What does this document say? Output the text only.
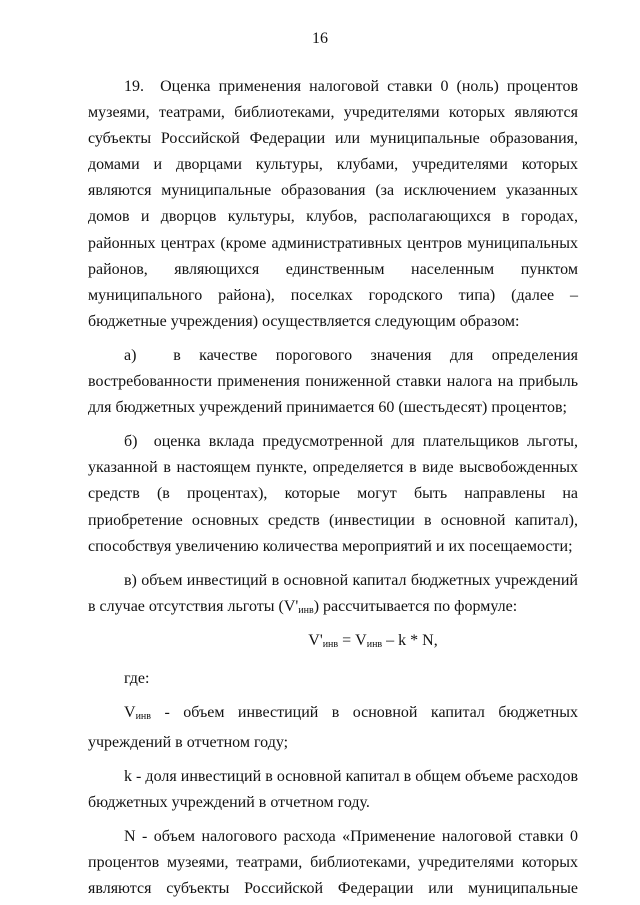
16

19.  Оценка применения налоговой ставки 0 (ноль) процентов музеями, театрами, библиотеками, учредителями которых являются субъекты Российской Федерации или муниципальные образования, домами и дворцами культуры, клубами, учредителями которых являются муниципальные образования (за исключением указанных домов и дворцов культуры, клубов, располагающихся в городах, районных центрах (кроме административных центров муниципальных районов, являющихся единственным населенным пунктом муниципального района), поселках городского типа) (далее – бюджетные учреждения) осуществляется следующим образом:

а)  в качестве порогового значения для определения востребованности применения пониженной ставки налога на прибыль для бюджетных учреждений принимается 60 (шестьдесят) процентов;

б)  оценка вклада предусмотренной для плательщиков льготы, указанной в настоящем пункте, определяется в виде высвобожденных средств (в процентах), которые могут быть направлены на приобретение основных средств (инвестиции в основной капитал), способствуя увеличению количества мероприятий и их посещаемости;

в) объем инвестиций в основной капитал бюджетных учреждений в случае отсутствия льготы $(V'_{инв})$ рассчитывается по формуле:

$V'_{инв} = V_{инв} - k * N$,

где:

$V_{инв}$ - объем инвестиций в основной капитал бюджетных учреждений в отчетном году;

k - доля инвестиций в основной капитал в общем объеме расходов бюджетных учреждений в отчетном году.

N - объем налогового расхода «Применение налоговой ставки 0 процентов музеями, театрами, библиотеками, учредителями которых являются субъекты Российской Федерации или муниципальные
